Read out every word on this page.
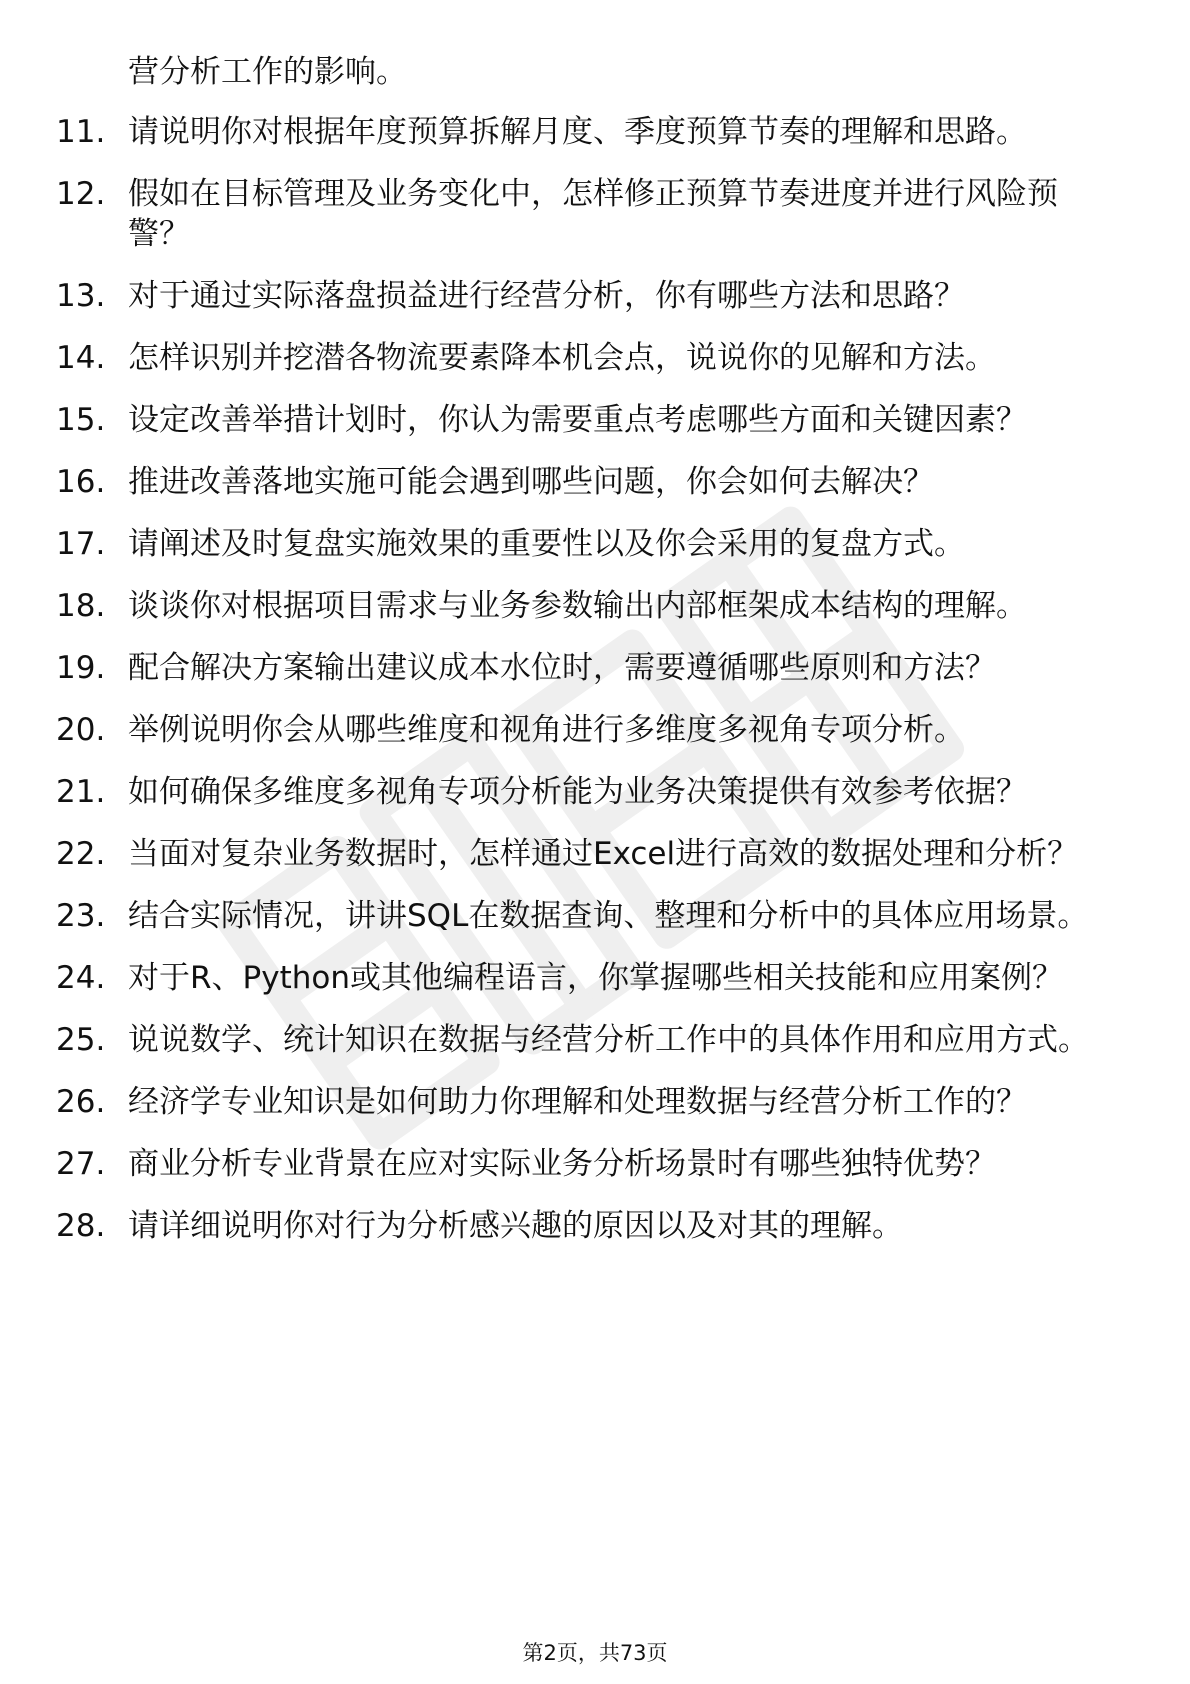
营分析工作的影响。
11. 请说明你对根据年度预算拆解月度、季度预算节奏的理解和思路。
12. 假如在目标管理及业务变化中，怎样修正预算节奏进度并进行风险预警？
13. 对于通过实际落盘损益进行经营分析，你有哪些方法和思路？
14. 怎样识别并挖潜各物流要素降本机会点，说说你的见解和方法。
15. 设定改善举措计划时，你认为需要重点考虑哪些方面和关键因素？
16. 推进改善落地实施可能会遇到哪些问题，你会如何去解决？
17. 请阐述及时复盘实施效果的重要性以及你会采用的复盘方式。
18. 谈谈你对根据项目需求与业务参数输出内部框架成本结构的理解。
19. 配合解决方案输出建议成本水位时，需要遵循哪些原则和方法？
20. 举例说明你会从哪些维度和视角进行多维度多视角专项分析。
21. 如何确保多维度多视角专项分析能为业务决策提供有效参考依据？
22. 当面对复杂业务数据时，怎样通过Excel进行高效的数据处理和分析？
23. 结合实际情况，讲讲SQL在数据查询、整理和分析中的具体应用场景。
24. 对于R、Python或其他编程语言，你掌握哪些相关技能和应用案例？
25. 说说数学、统计知识在数据与经营分析工作中的具体作用和应用方式。
26. 经济学专业知识是如何助力你理解和处理数据与经营分析工作的？
27. 商业分析专业背景在应对实际业务分析场景时有哪些独特优势？
28. 请详细说明你对行为分析感兴趣的原因以及对其的理解。
第2页，共73页
